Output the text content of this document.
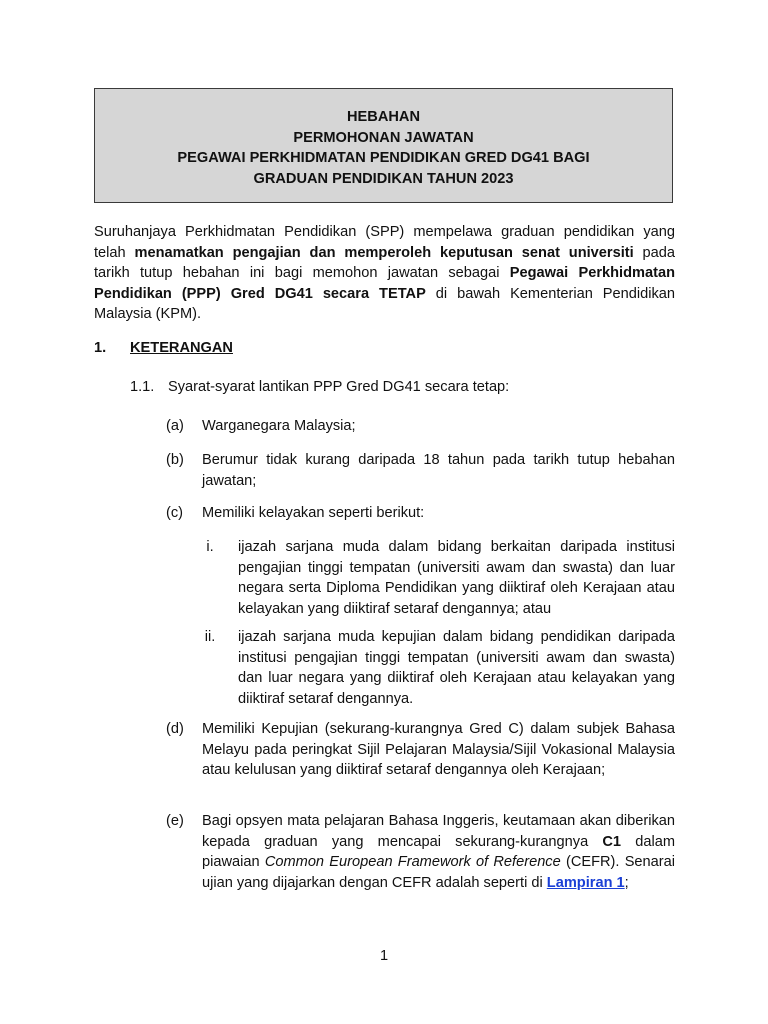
HEBAHAN
PERMOHONAN JAWATAN
PEGAWAI PERKHIDMATAN PENDIDIKAN GRED DG41 BAGI
GRADUAN PENDIDIKAN TAHUN 2023
Suruhanjaya Perkhidmatan Pendidikan (SPP) mempelawa graduan pendidikan yang telah menamatkan pengajian dan memperoleh keputusan senat universiti pada tarikh tutup hebahan ini bagi memohon jawatan sebagai Pegawai Perkhidmatan Pendidikan (PPP) Gred DG41 secara TETAP di bawah Kementerian Pendidikan Malaysia (KPM).
1. KETERANGAN
1.1. Syarat-syarat lantikan PPP Gred DG41 secara tetap:
(a)	Warganegara Malaysia;
(b)	Berumur tidak kurang daripada 18 tahun pada tarikh tutup hebahan jawatan;
(c)	Memiliki kelayakan seperti berikut:
i.	ijazah sarjana muda dalam bidang berkaitan daripada institusi pengajian tinggi tempatan (universiti awam dan swasta) dan luar negara serta Diploma Pendidikan yang diiktiraf oleh Kerajaan atau kelayakan yang diiktiraf setaraf dengannya; atau
ii.	ijazah sarjana muda kepujian dalam bidang pendidikan daripada institusi pengajian tinggi tempatan (universiti awam dan swasta) dan luar negara yang diiktiraf oleh Kerajaan atau kelayakan yang diiktiraf setaraf dengannya.
(d)	Memiliki Kepujian (sekurang-kurangnya Gred C) dalam subjek Bahasa Melayu pada peringkat Sijil Pelajaran Malaysia/Sijil Vokasional Malaysia atau kelulusan yang diiktiraf setaraf dengannya oleh Kerajaan;
(e)	Bagi opsyen mata pelajaran Bahasa Inggeris, keutamaan akan diberikan kepada graduan yang mencapai sekurang-kurangnya C1 dalam piawaian Common European Framework of Reference (CEFR). Senarai ujian yang dijajarkan dengan CEFR adalah seperti di Lampiran 1;
1
